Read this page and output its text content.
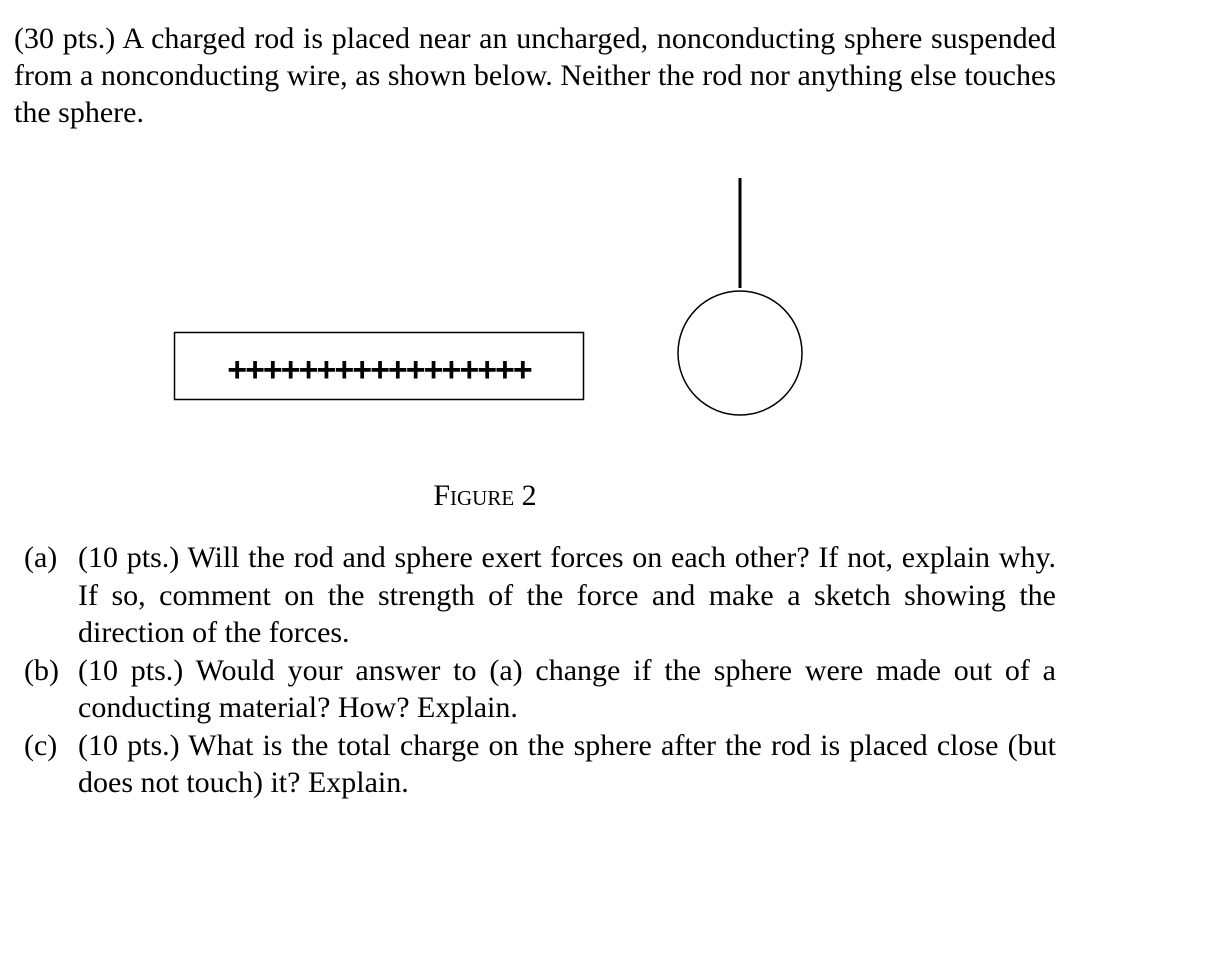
(30 pts.) A charged rod is placed near an uncharged, nonconducting sphere suspended from a nonconducting wire, as shown below. Neither the rod nor anything else touches the sphere.

+++++++++++++++++
Figure 2
(a) (10 pts.) Will the rod and sphere exert forces on each other? If not, explain why. If so, comment on the strength of the force and make a sketch showing the direction of the forces.
(b) (10 pts.) Would your answer to (a) change if the sphere were made out of a conducting material? How? Explain.
(c) (10 pts.) What is the total charge on the sphere after the rod is placed close (but does not touch) it? Explain.
